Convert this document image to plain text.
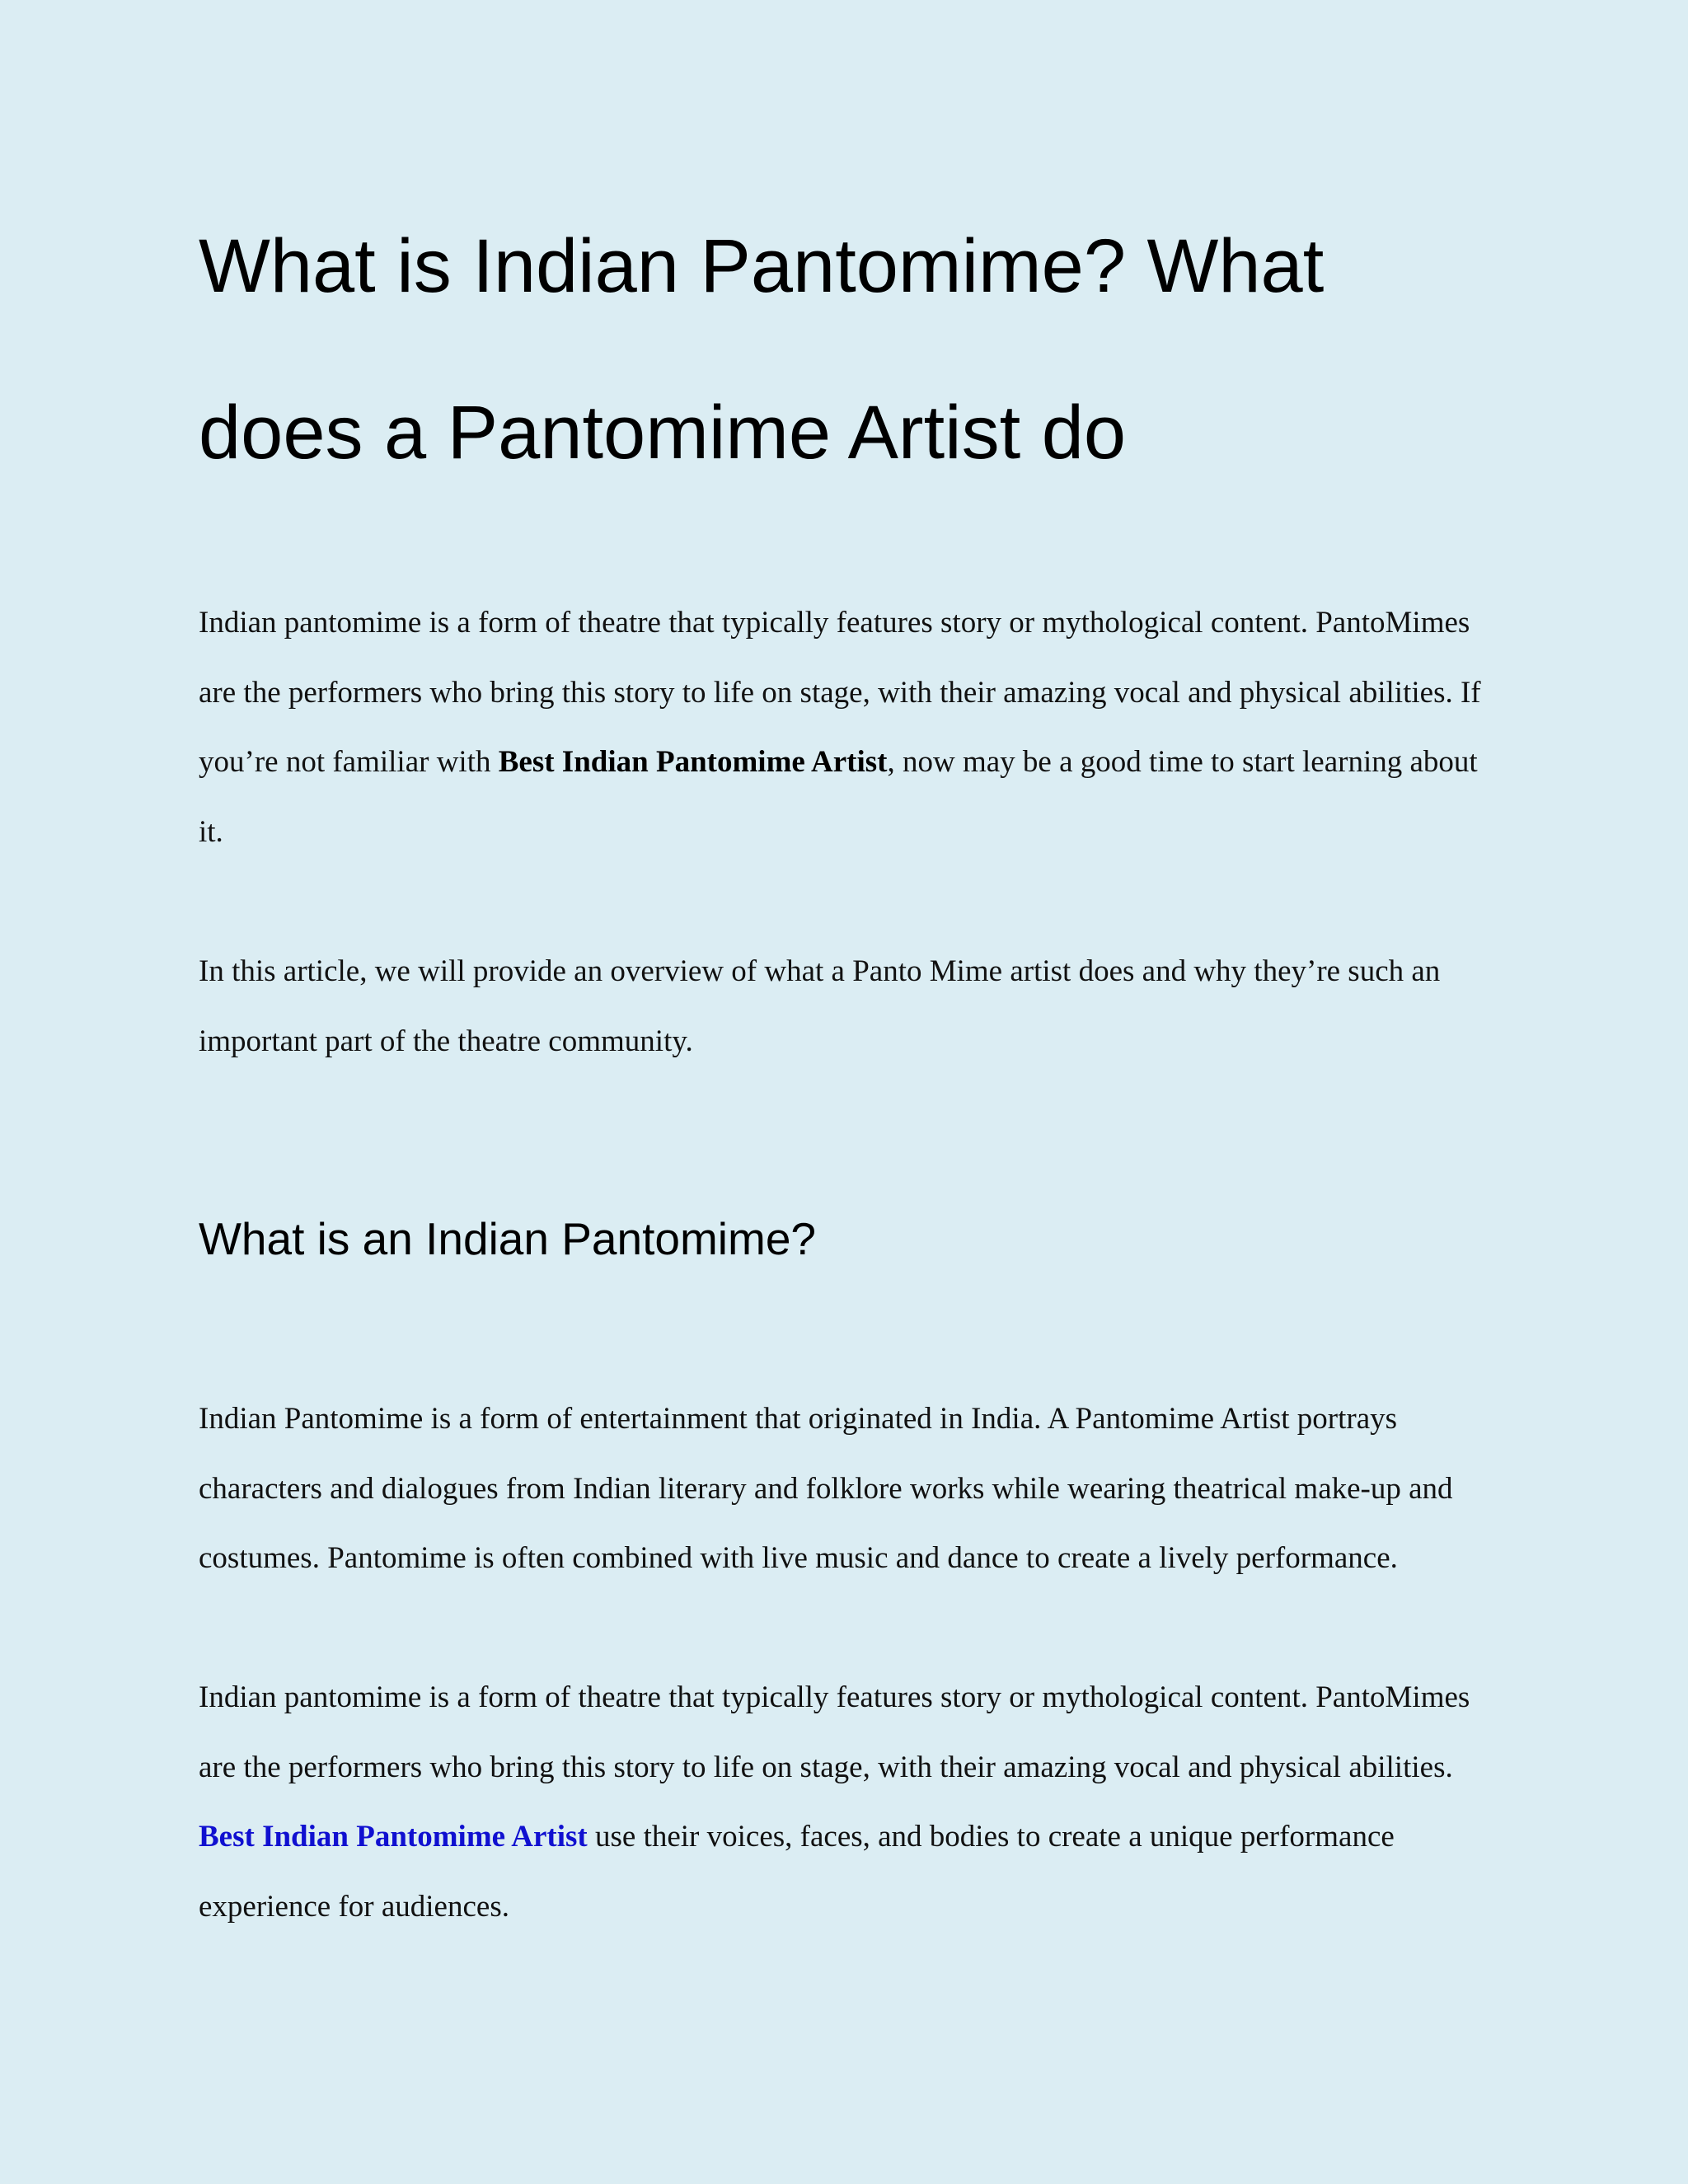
What is Indian Pantomime? What does a Pantomime Artist do

Indian pantomime is a form of theatre that typically features story or mythological content. PantoMimes are the performers who bring this story to life on stage, with their amazing vocal and physical abilities. If you’re not familiar with Best Indian Pantomime Artist, now may be a good time to start learning about it.

In this article, we will provide an overview of what a Panto Mime artist does and why they’re such an important part of the theatre community.

What is an Indian Pantomime?

Indian Pantomime is a form of entertainment that originated in India. A Pantomime Artist portrays characters and dialogues from Indian literary and folklore works while wearing theatrical make-up and costumes. Pantomime is often combined with live music and dance to create a lively performance.

Indian pantomime is a form of theatre that typically features story or mythological content. PantoMimes are the performers who bring this story to life on stage, with their amazing vocal and physical abilities. Best Indian Pantomime Artist use their voices, faces, and bodies to create a unique performance experience for audiences.
